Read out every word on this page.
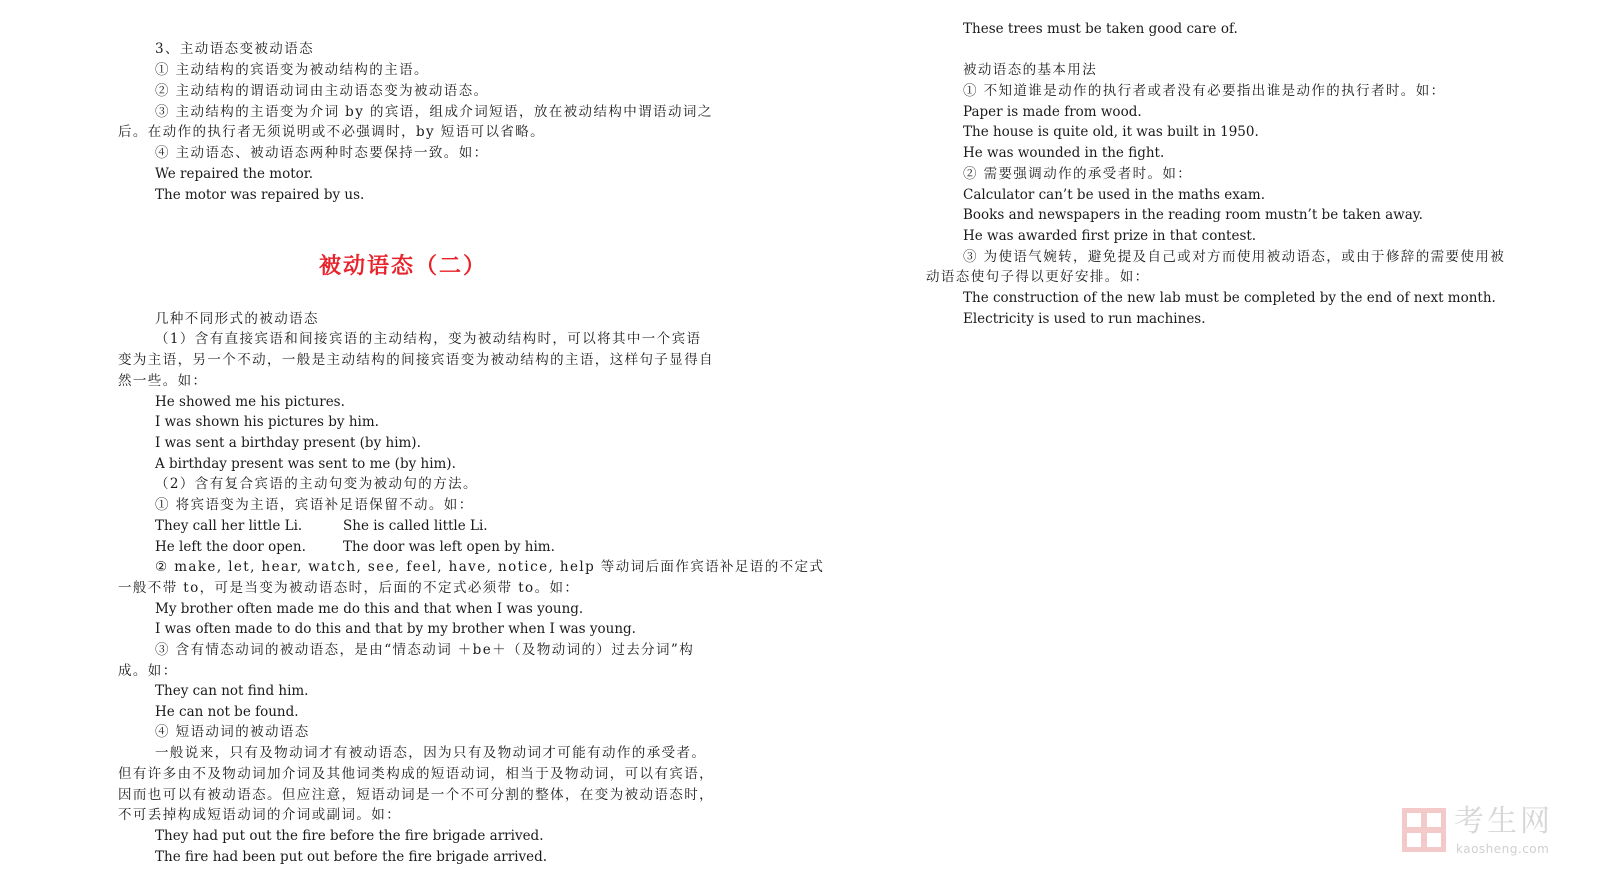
3、主动语态变被动语态
① 主动结构的宾语变为被动结构的主语。
② 主动结构的谓语动词由主动语态变为被动语态。
③ 主动结构的主语变为介词 by 的宾语，组成介词短语，放在被动结构中谓语动词之
后。在动作的执行者无须说明或不必强调时，by 短语可以省略。
④ 主动语态、被动语态两种时态要保持一致。如：
We repaired the motor.
The motor was repaired by us.
被动语态（二）
几种不同形式的被动语态
（1）含有直接宾语和间接宾语的主动结构，变为被动结构时，可以将其中一个宾语
变为主语，另一个不动，一般是主动结构的间接宾语变为被动结构的主语，这样句子显得自
然一些。如：
He showed me his pictures.
I was shown his pictures by him.
I was sent a birthday present (by him).
A birthday present was sent to me (by him).
（2）含有复合宾语的主动句变为被动句的方法。
① 将宾语变为主语，宾语补足语保留不动。如：
They call her little Li.	She is called little Li.
He left the door open.	The door was left open by him.
② make, let, hear, watch, see, feel, have, notice, help 等动词后面作宾语补足语的不定式
一般不带 to，可是当变为被动语态时，后面的不定式必须带 to。如：
My brother often made me do this and that when I was young.
I was often made to do this and that by my brother when I was young.
③ 含有情态动词的被动语态，是由“情态动词 ＋be＋（及物动词的）过去分词”构
成。如：
They can not find him.
He can not be found.
④ 短语动词的被动语态
一般说来，只有及物动词才有被动语态，因为只有及物动词才可能有动作的承受者。
但有许多由不及物动词加介词及其他词类构成的短语动词，相当于及物动词，可以有宾语，
因而也可以有被动语态。但应注意，短语动词是一个不可分割的整体，在变为被动语态时，
不可丢掉构成短语动词的介词或副词。如：
They had put out the fire before the fire brigade arrived.
The fire had been put out before the fire brigade arrived.
These trees must be taken good care of.
被动语态的基本用法
① 不知道谁是动作的执行者或者没有必要指出谁是动作的执行者时。如：
Paper is made from wood.
The house is quite old, it was built in 1950.
He was wounded in the fight.
② 需要强调动作的承受者时。如：
Calculator can’t be used in the maths exam.
Books and newspapers in the reading room mustn’t be taken away.
He was awarded first prize in that contest.
③ 为使语气婉转，避免提及自己或对方而使用被动语态，或由于修辞的需要使用被
动语态使句子得以更好安排。如：
The construction of the new lab must be completed by the end of next month.
Electricity is used to run machines.
考生网
kaosheng.com
